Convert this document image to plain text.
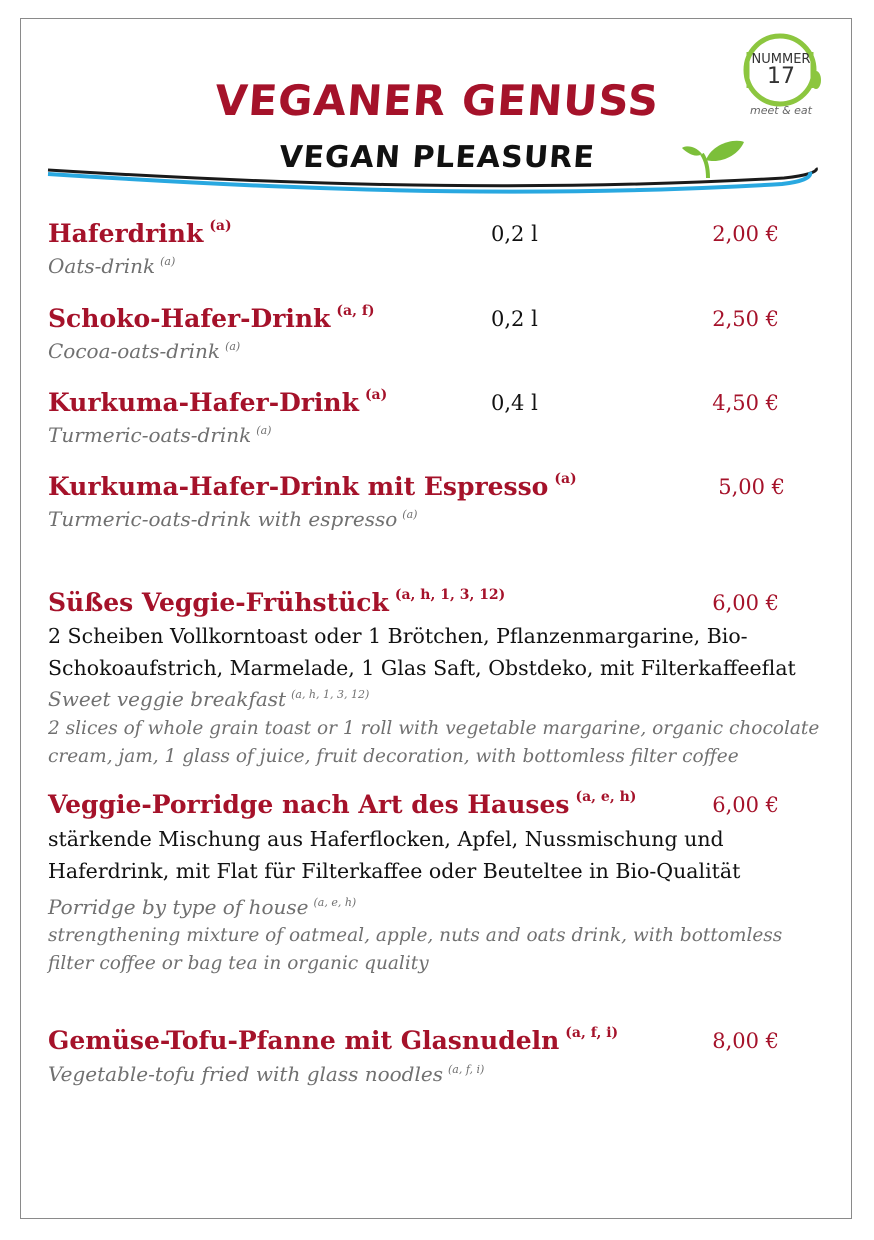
NUMMER
17
meet & eat
VEGANER GENUSS
VEGAN PLEASURE
Haferdrink $^{(a)}$	0,2 l	2,00 €
Oats-drink $^{(a)}$
Schoko-Hafer-Drink $^{(a, f)}$	0,2 l	2,50 €
Cocoa-oats-drink $^{(a)}$
Kurkuma-Hafer-Drink $^{(a)}$	0,4 l	4,50 €
Turmeric-oats-drink $^{(a)}$
Kurkuma-Hafer-Drink mit Espresso $^{(a)}$	5,00 €
Turmeric-oats-drink with espresso $^{(a)}$
Süßes Veggie-Frühstück $^{(a, h, 1, 3, 12)}$	6,00 €
2 Scheiben Vollkorntoast oder 1 Brötchen, Pflanzenmargarine, Bio-
Schokoaufstrich, Marmelade, 1 Glas Saft, Obstdeko, mit Filterkaffeeflat
Sweet veggie breakfast $^{(a, h, 1, 3, 12)}$
2 slices of whole grain toast or 1 roll with vegetable margarine, organic chocolate
cream, jam, 1 glass of juice, fruit decoration, with bottomless filter coffee
Veggie-Porridge nach Art des Hauses $^{(a, e, h)}$	6,00 €
stärkende Mischung aus Haferflocken, Apfel, Nussmischung und
Haferdrink, mit Flat für Filterkaffee oder Beuteltee in Bio-Qualität
Porridge by type of house $^{(a, e, h)}$
strengthening mixture of oatmeal, apple, nuts and oats drink, with bottomless
filter coffee or bag tea in organic quality
Gemüse-Tofu-Pfanne mit Glasnudeln $^{(a, f, i)}$	8,00 €
Vegetable-tofu fried with glass noodles $^{(a, f, i)}$
